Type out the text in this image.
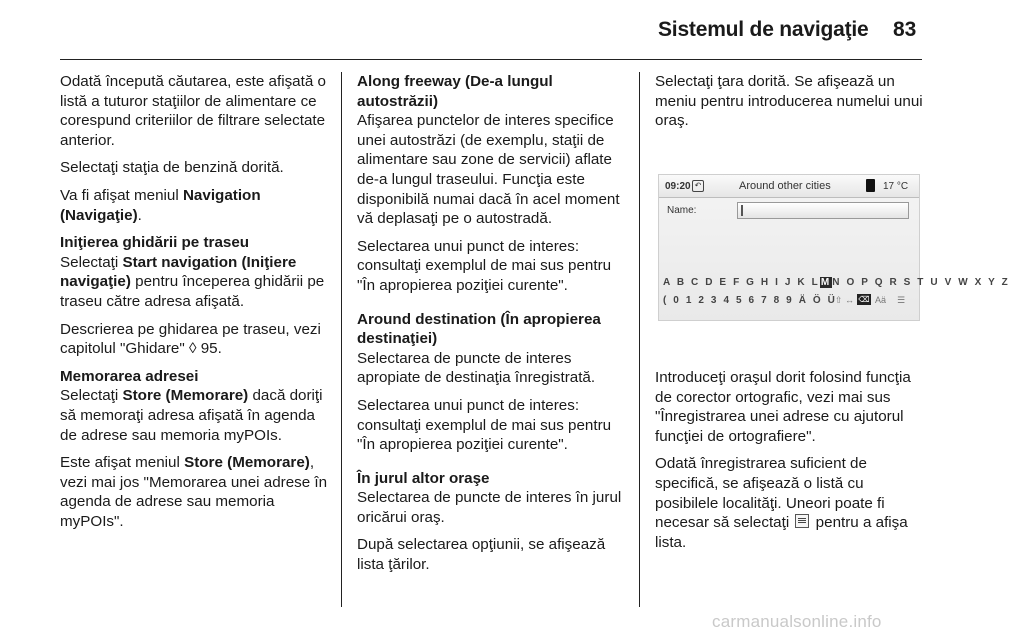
Sistemul de navigaţie 83

Odată începută căutarea, este afişată o listă a tuturor staţiilor de alimentare ce corespund criteriilor de filtrare selectate anterior.

Selectaţi staţia de benzină dorită.

Va fi afişat meniul Navigation (Navigaţie).

Iniţierea ghidării pe traseu

Selectaţi Start navigation (Iniţiere navigaţie) pentru începerea ghidării pe traseu către adresa afişată.

Descrierea pe ghidarea pe traseu, vezi capitolul "Ghidare" ◊ 95.

Memorarea adresei

Selectaţi Store (Memorare) dacă doriţi să memoraţi adresa afişată în agenda de adrese sau memoria myPOIs.

Este afişat meniul Store (Memorare), vezi mai jos "Memorarea unei adrese în agenda de adrese sau memoria myPOIs".

Along freeway (De-a lungul autostrăzii)

Afişarea punctelor de interes specifice unei autostrăzi (de exemplu, staţii de alimentare sau zone de servicii) aflate de-a lungul traseului. Funcţia este disponibilă numai dacă în acel moment vă deplasaţi pe o autostradă.

Selectarea unui punct de interes: consultaţi exemplul de mai sus pentru "În apropierea poziţiei curente".

Around destination (În apropierea destinaţiei)

Selectarea de puncte de interes apropiate de destinaţia înregistrată.

Selectarea unui punct de interes: consultaţi exemplul de mai sus pentru "În apropierea poziţiei curente".

În jurul altor oraşe

Selectarea de puncte de interes în jurul oricărui oraş.

După selectarea opţiunii, se afişează lista ţărilor.

Selectaţi ţara dorită. Se afişează un meniu pentru introducerea numelui unui oraş.

09:20 ↶	Around other cities	17 °C
Name:
A B C D E F G H I J K LMN O P Q R S T U V W X Y Z
( 0 1 2 3 4 5 6 7 8 9 Ä Ö Ü
⇧ ↔ ⌫ Aä ☰

Introduceţi oraşul dorit folosind funcţia de corector ortografic, vezi mai sus "Înregistrarea unei adrese cu ajutorul funcţiei de ortografiere".

Odată înregistrarea suficient de specifică, se afişează o listă cu posibilele localităţi. Uneori poate fi necesar să selectaţi  pentru a afişa lista.

carmanualsonline.info
